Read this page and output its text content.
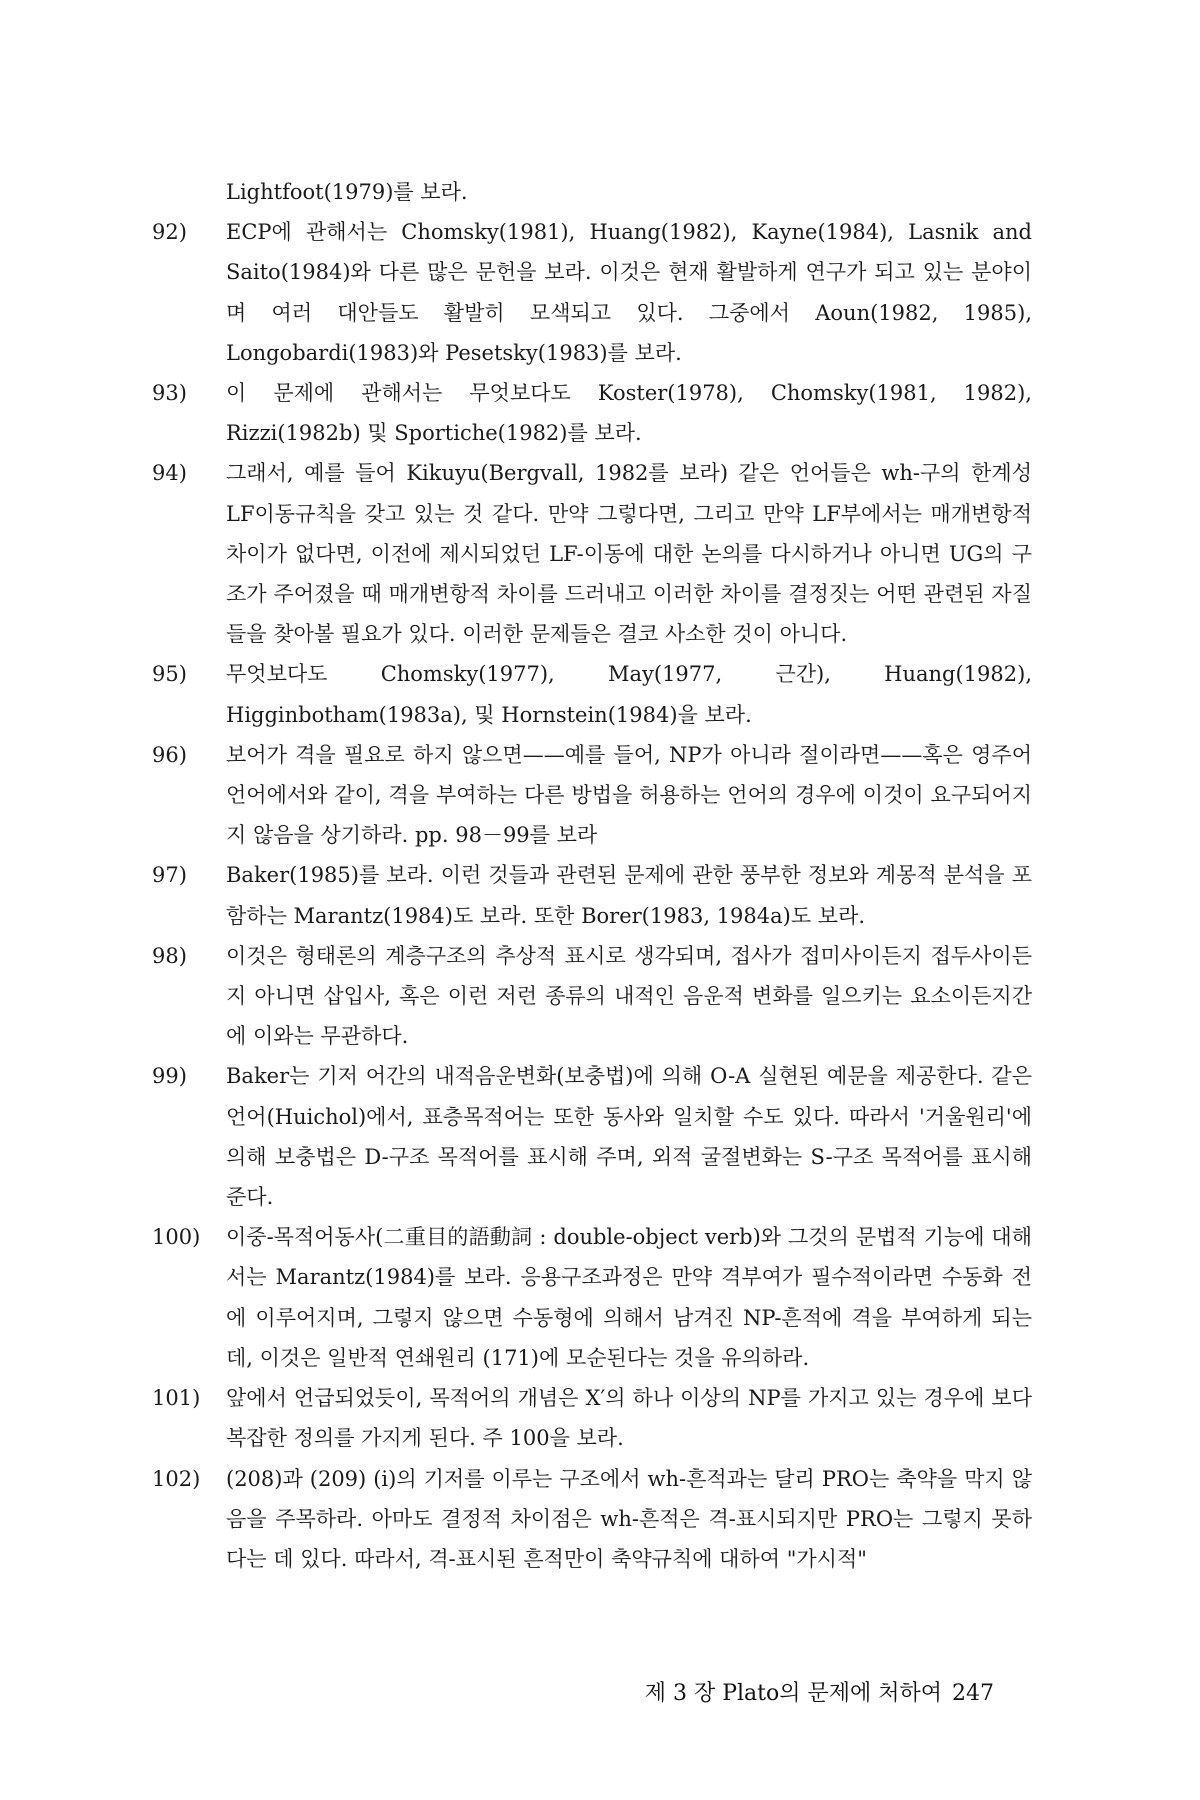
Lightfoot(1979)를 보라.
92) ECP에 관해서는 Chomsky(1981), Huang(1982), Kayne(1984), Lasnik and Saito(1984)와 다른 많은 문헌을 보라. 이것은 현재 활발하게 연구가 되고 있는 분야이며 여러 대안들도 활발히 모색되고 있다. 그중에서 Aoun(1982, 1985), Longobardi(1983)와 Pesetsky(1983)를 보라.
93) 이 문제에 관해서는 무엇보다도 Koster(1978), Chomsky(1981, 1982), Rizzi(1982b) 및 Sportiche(1982)를 보라.
94) 그래서, 예를 들어 Kikuyu(Bergvall, 1982를 보라) 같은 언어들은 wh-구의 한계성 LF이동규칙을 갖고 있는 것 같다. 만약 그렇다면, 그리고 만약 LF부에서는 매개변항적 차이가 없다면, 이전에 제시되었던 LF-이동에 대한 논의를 다시하거나 아니면 UG의 구조가 주어졌을 때 매개변항적 차이를 드러내고 이러한 차이를 결정짓는 어떤 관련된 자질들을 찾아볼 필요가 있다. 이러한 문제들은 결코 사소한 것이 아니다.
95) 무엇보다도 Chomsky(1977), May(1977, 근간), Huang(1982), Higginbotham(1983a), 및 Hornstein(1984)을 보라.
96) 보어가 격을 필요로 하지 않으면——예를 들어, NP가 아니라 절이라면——혹은 영주어언어에서와 같이, 격을 부여하는 다른 방법을 허용하는 언어의 경우에 이것이 요구되어지지 않음을 상기하라. pp. 98－99를 보라
97) Baker(1985)를 보라. 이런 것들과 관련된 문제에 관한 풍부한 정보와 계몽적 분석을 포함하는 Marantz(1984)도 보라. 또한 Borer(1983, 1984a)도 보라.
98) 이것은 형태론의 계층구조의 추상적 표시로 생각되며, 접사가 접미사이든지 접두사이든지 아니면 삽입사, 혹은 이런 저런 종류의 내적인 음운적 변화를 일으키는 요소이든지간에 이와는 무관하다.
99) Baker는 기저 어간의 내적음운변화(보충법)에 의해 O-A 실현된 예문을 제공한다. 같은 언어(Huichol)에서, 표층목적어는 또한 동사와 일치할 수도 있다. 따라서 '거울원리'에 의해 보충법은 D-구조 목적어를 표시해 주며, 외적 굴절변화는 S-구조 목적어를 표시해준다.
100) 이중-목적어동사(二重目的語動詞 : double-object verb)와 그것의 문법적 기능에 대해서는 Marantz(1984)를 보라. 응용구조과정은 만약 격부여가 필수적이라면 수동화 전에 이루어지며, 그렇지 않으면 수동형에 의해서 남겨진 NP-흔적에 격을 부여하게 되는데, 이것은 일반적 연쇄원리 (171)에 모순된다는 것을 유의하라.
101) 앞에서 언급되었듯이, 목적어의 개념은 X′의 하나 이상의 NP를 가지고 있는 경우에 보다 복잡한 정의를 가지게 된다. 주 100을 보라.
102) (208)과 (209) (i)의 기저를 이루는 구조에서 wh-흔적과는 달리 PRO는 축약을 막지 않음을 주목하라. 아마도 결정적 차이점은 wh-흔적은 격-표시되지만 PRO는 그렇지 못하다는 데 있다. 따라서, 격-표시된 흔적만이 축약규칙에 대하여 "가시적"
제 3 장 Plato의 문제에 처하여 247
